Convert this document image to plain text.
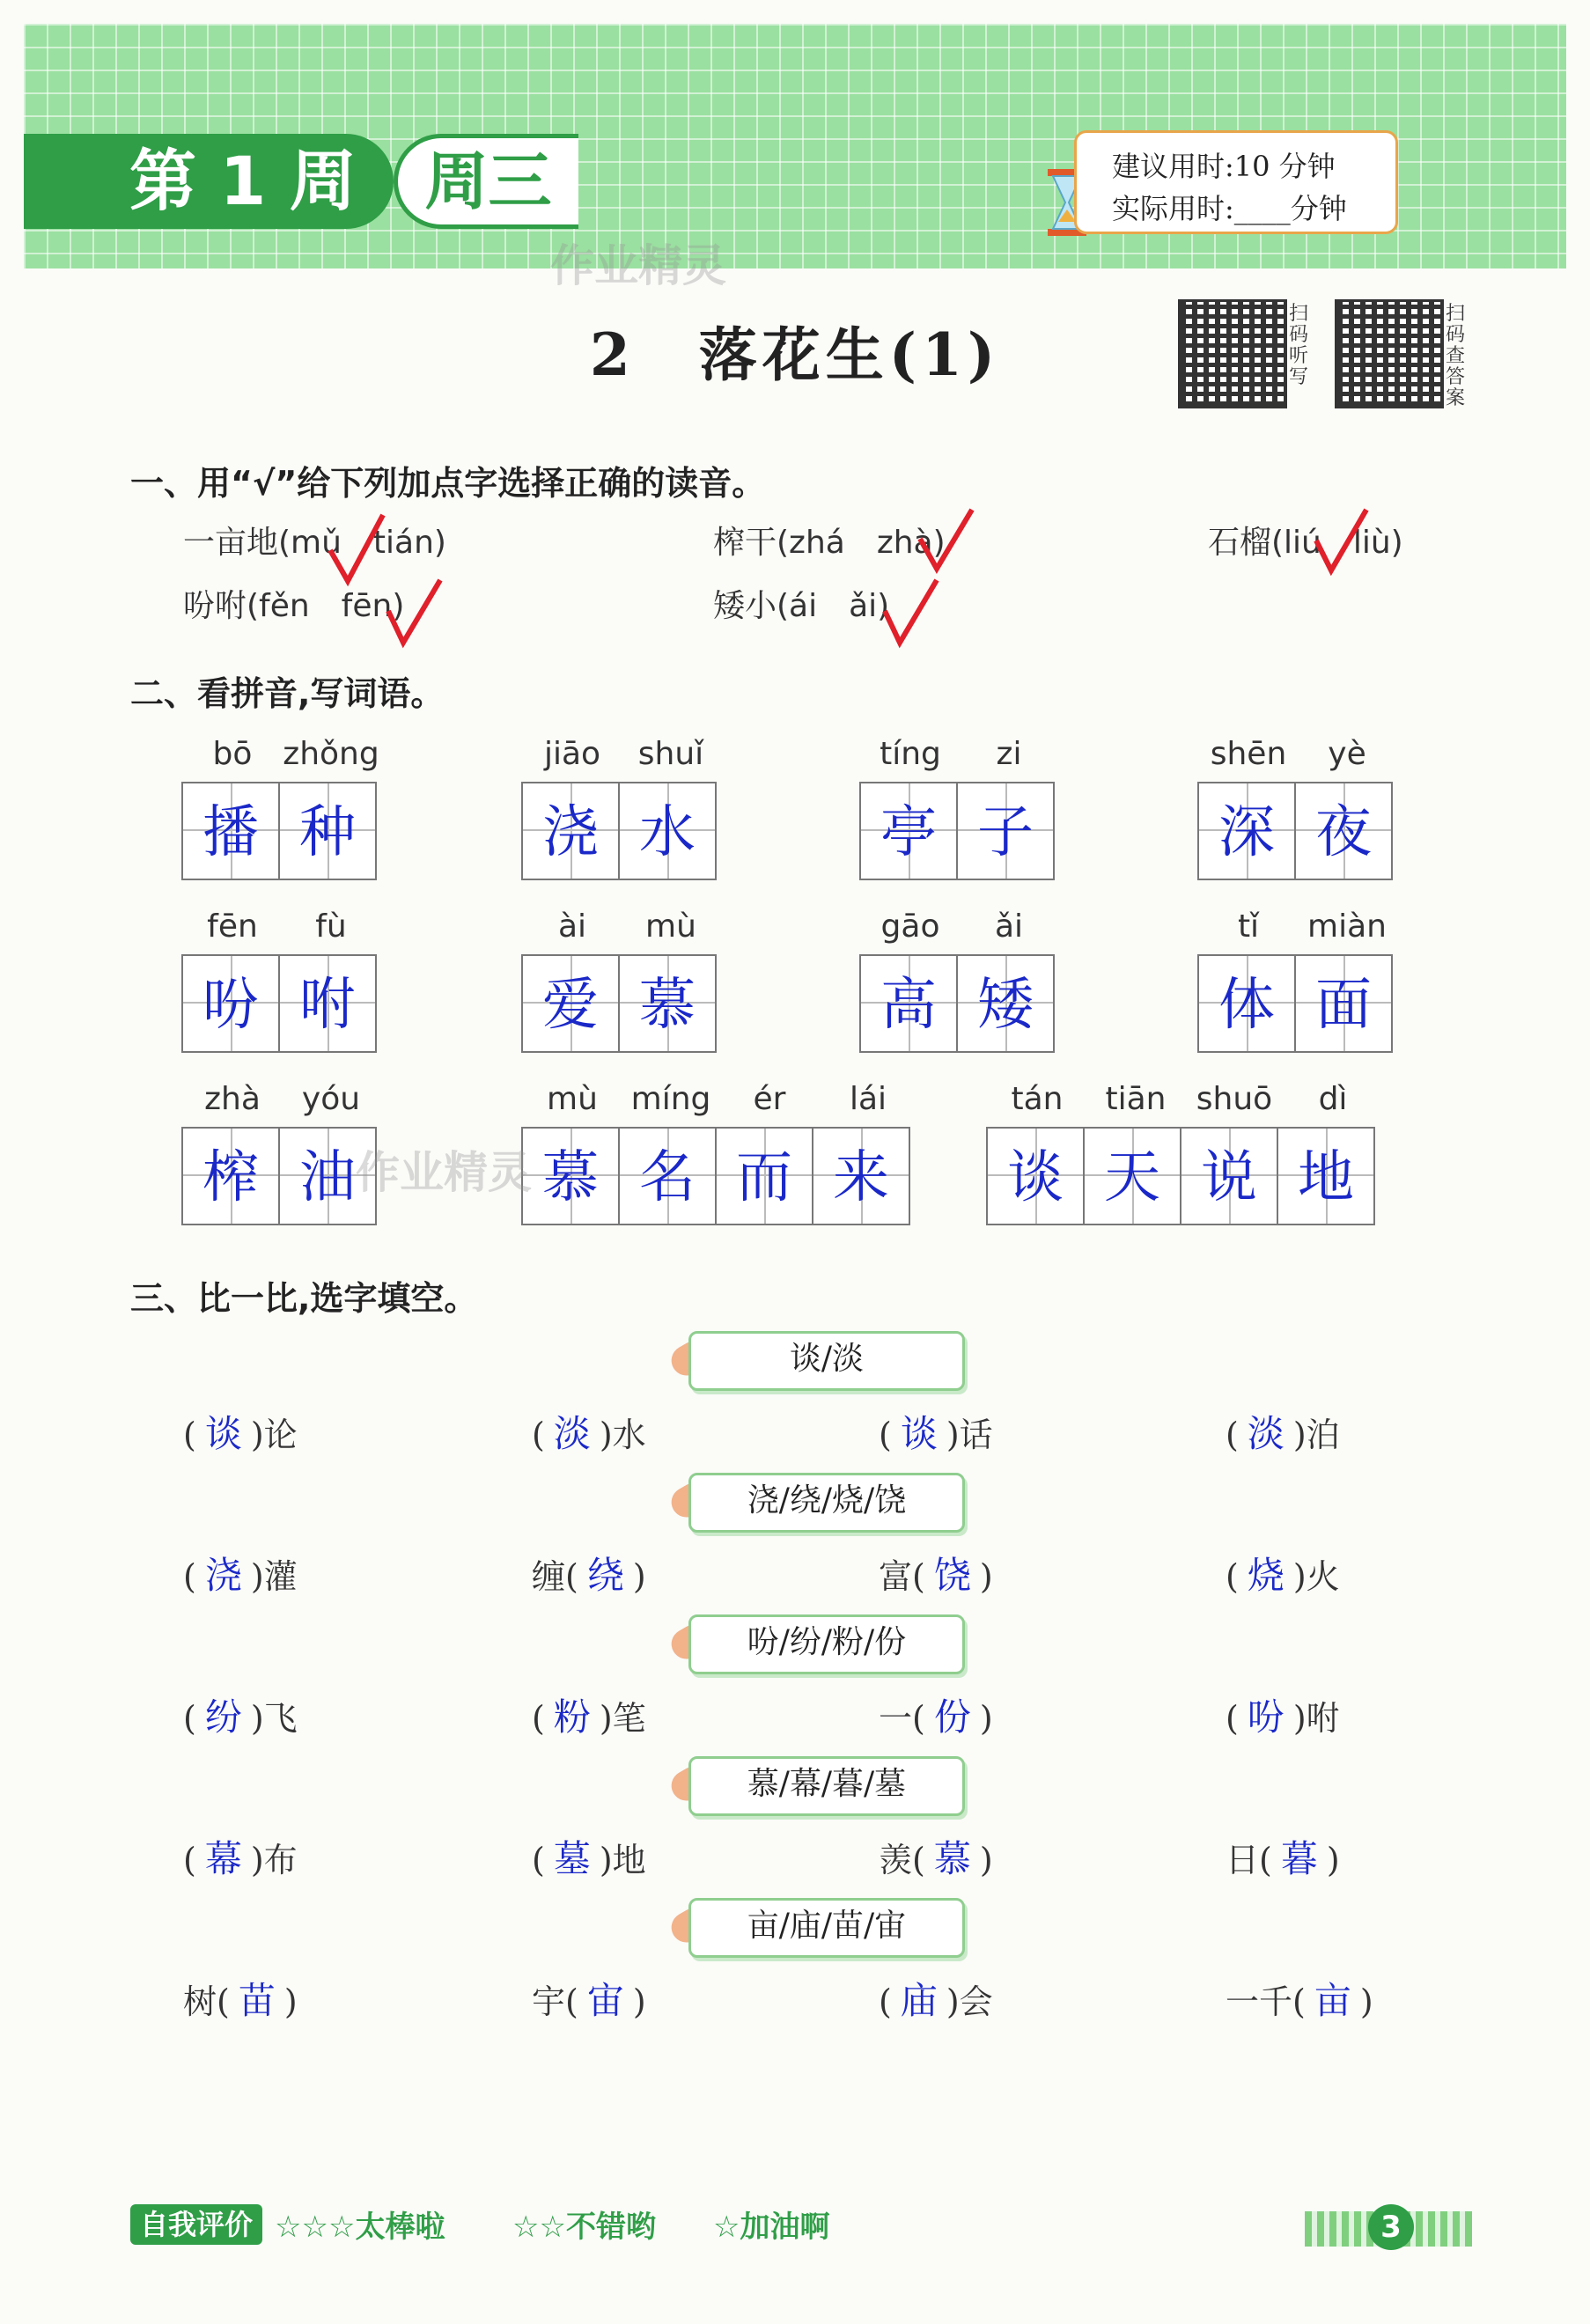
第 1 周	周三	建议用时:10 分钟
实际用时:____分钟
作业精灵
2　落花生(1)
扫码听写
扫码查答案
一、用“√”给下列加点字选择正确的读音。
一亩地(mǔ　tián)	榨干(zhá　zhà)	石榴(liú　liù)
吩咐(fěn　fēn)	矮小(ái　ǎi)
二、看拼音,写词语。
bō zhǒng
播 种
jiāo	shuǐ
浇 水
tíng	zi
亭 子
shēn	yè
深 夜
fēn	fù
吩 咐
ài	mù
爱 慕
gāo	ǎi
高 矮
tǐ	miàn
体 面
zhà	yóu
榨 油
mù	míng	ér	lái
慕 名 而 来
tán	tiān shuō	dì
谈 天 说 地
作业精灵
三、比一比,选字填空。
谈/淡
( 谈 )论	( 淡 )水	( 谈 )话	( 淡 )泊
浇/绕/烧/饶
( 浇 )灌	缠( 绕 )	富( 饶 )	( 烧 )火
吩/纷/粉/份
( 纷 )飞	( 粉 )笔	一( 份 )	( 吩 )咐
慕/幕/暮/墓
( 幕 )布	( 墓 )地	羡( 慕 )	日( 暮 )
亩/庙/苗/宙
树( 苗 )	宇( 宙 )	( 庙 )会	一千( 亩 )
自我评价 ☆☆☆太棒啦 ☆☆不错哟 ☆加油啊	3
